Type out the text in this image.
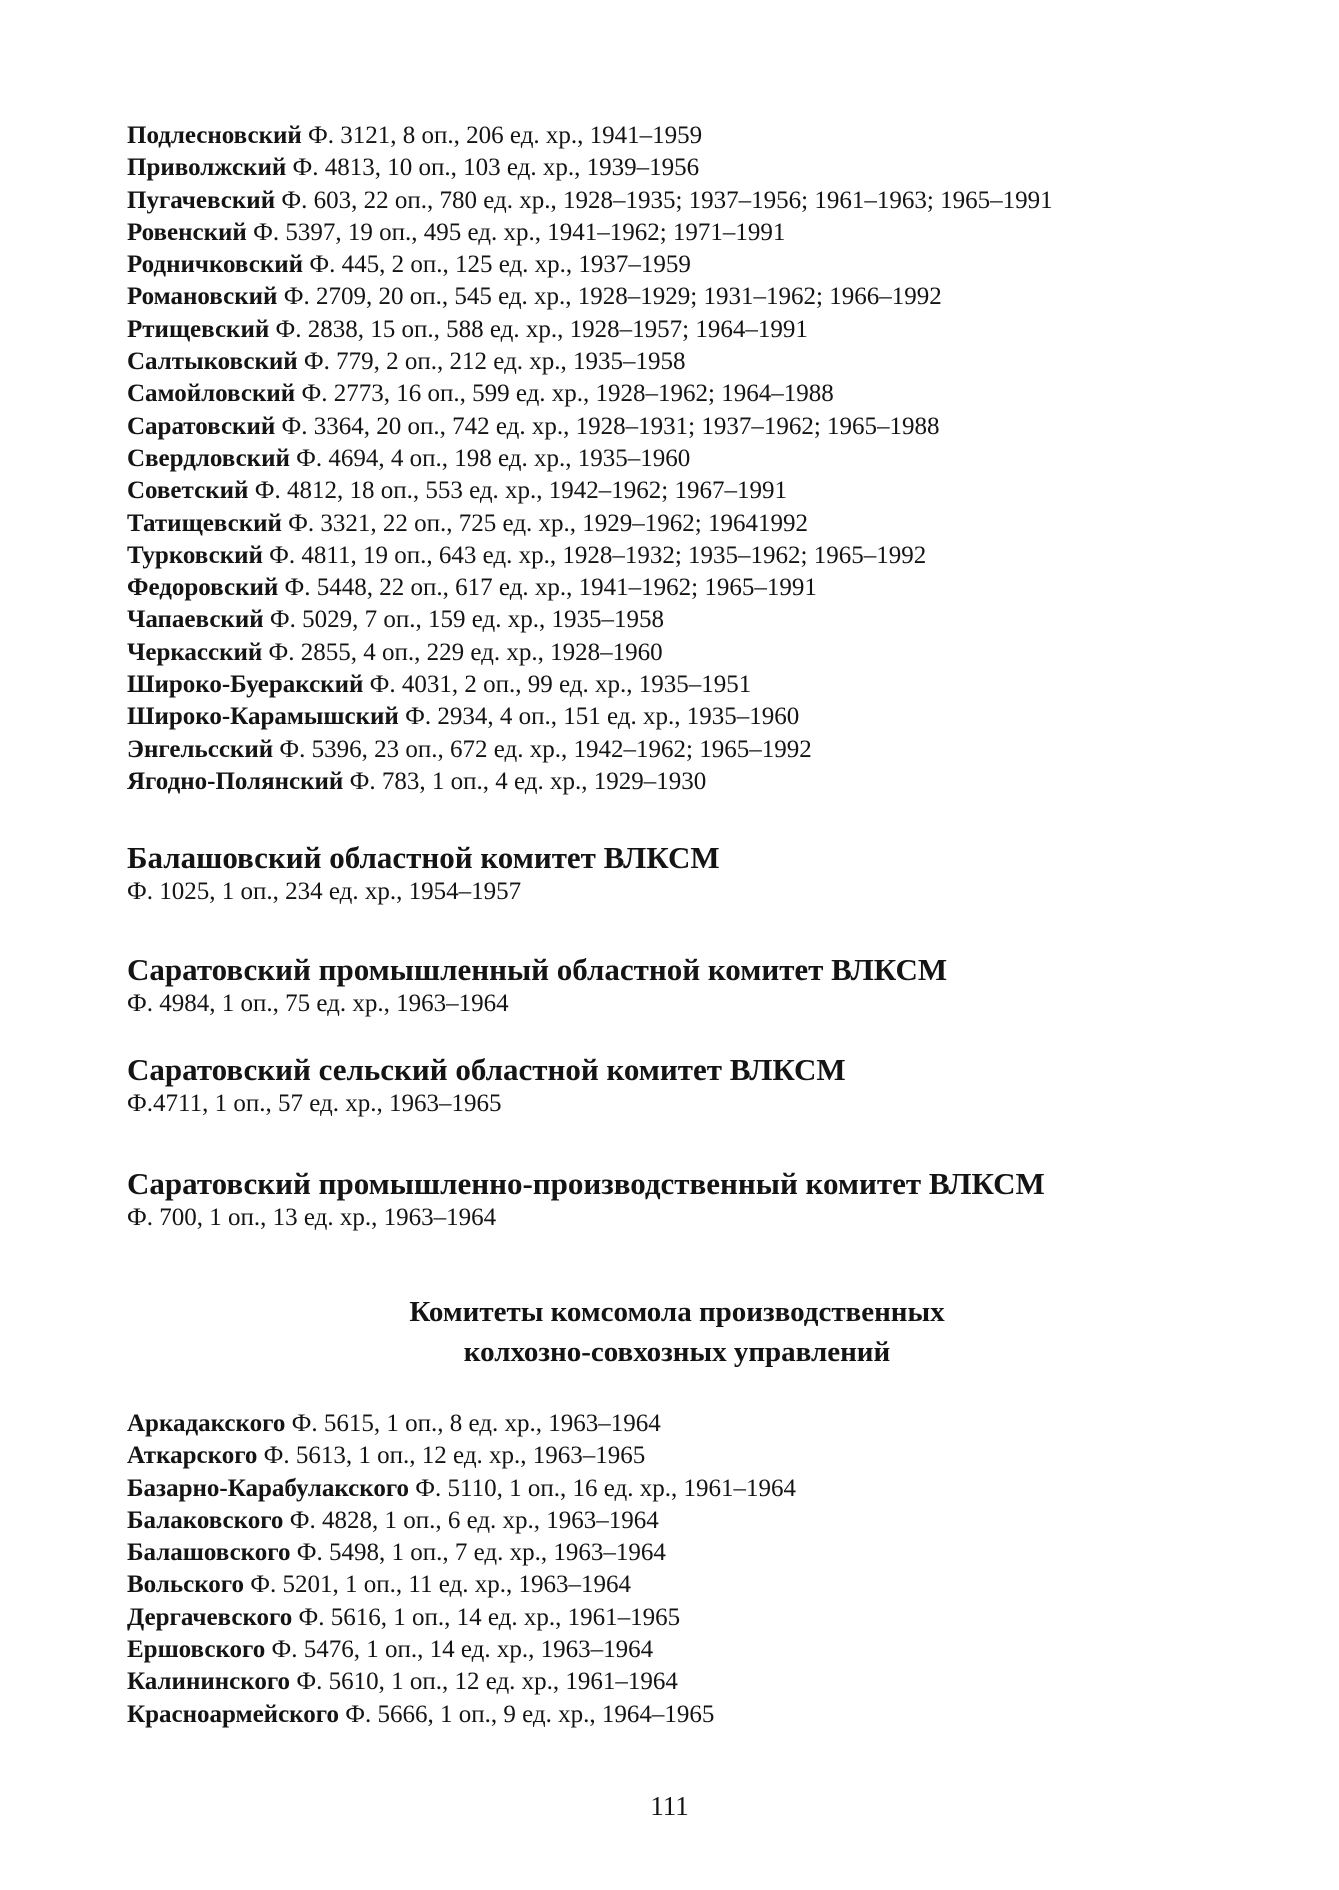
Подлесновский Ф. 3121, 8 оп., 206 ед. хр., 1941–1959
Приволжский Ф. 4813, 10 оп., 103 ед. хр., 1939–1956
Пугачевский Ф. 603, 22 оп., 780 ед. хр., 1928–1935; 1937–1956; 1961–1963; 1965–1991
Ровенский Ф. 5397, 19 оп., 495 ед. хр., 1941–1962; 1971–1991
Родничковский Ф. 445, 2 оп., 125 ед. хр., 1937–1959
Романовский Ф. 2709, 20 оп., 545 ед. хр., 1928–1929; 1931–1962; 1966–1992
Ртищевский Ф. 2838, 15 оп., 588 ед. хр., 1928–1957; 1964–1991
Салтыковский Ф. 779, 2 оп., 212 ед. хр., 1935–1958
Самойловский Ф. 2773, 16 оп., 599 ед. хр., 1928–1962; 1964–1988
Саратовский Ф. 3364, 20 оп., 742 ед. хр., 1928–1931; 1937–1962; 1965–1988
Свердловский Ф. 4694, 4 оп., 198 ед. хр., 1935–1960
Советский Ф. 4812, 18 оп., 553 ед. хр., 1942–1962; 1967–1991
Татищевский Ф. 3321, 22 оп., 725 ед. хр., 1929–1962; 19641992
Турковский Ф. 4811, 19 оп., 643 ед. хр., 1928–1932; 1935–1962; 1965–1992
Федоровский Ф. 5448, 22 оп., 617 ед. хр., 1941–1962; 1965–1991
Чапаевский Ф. 5029, 7 оп., 159 ед. хр., 1935–1958
Черкасский Ф. 2855, 4 оп., 229 ед. хр., 1928–1960
Широко-Буеракский Ф. 4031, 2 оп., 99 ед. хр., 1935–1951
Широко-Карамышский Ф. 2934, 4 оп., 151 ед. хр., 1935–1960
Энгельсский Ф. 5396, 23 оп., 672 ед. хр., 1942–1962; 1965–1992
Ягодно-Полянский Ф. 783, 1 оп., 4 ед. хр., 1929–1930
Балашовский областной комитет ВЛКСМ
Ф. 1025, 1 оп., 234 ед. хр., 1954–1957
Саратовский промышленный областной комитет ВЛКСМ
Ф. 4984, 1 оп., 75 ед. хр., 1963–1964
Саратовский сельский областной комитет ВЛКСМ
Ф.4711, 1 оп., 57 ед. хр., 1963–1965
Саратовский промышленно-производственный комитет ВЛКСМ
Ф. 700, 1 оп., 13 ед. хр., 1963–1964
Комитеты комсомола производственных
колхозно-совхозных управлений
Аркадакского Ф. 5615, 1 оп., 8 ед. хр., 1963–1964
Аткарского Ф. 5613, 1 оп., 12 ед. хр., 1963–1965
Базарно-Карабулакского Ф. 5110, 1 оп., 16 ед. хр., 1961–1964
Балаковского Ф. 4828, 1 оп., 6 ед. хр., 1963–1964
Балашовского Ф. 5498, 1 оп., 7 ед. хр., 1963–1964
Вольского Ф. 5201, 1 оп., 11 ед. хр., 1963–1964
Дергачевского Ф. 5616, 1 оп., 14 ед. хр., 1961–1965
Ершовского Ф. 5476, 1 оп., 14 ед. хр., 1963–1964
Калининского Ф. 5610, 1 оп., 12 ед. хр., 1961–1964
Красноармейского Ф. 5666, 1 оп., 9 ед. хр., 1964–1965
111
